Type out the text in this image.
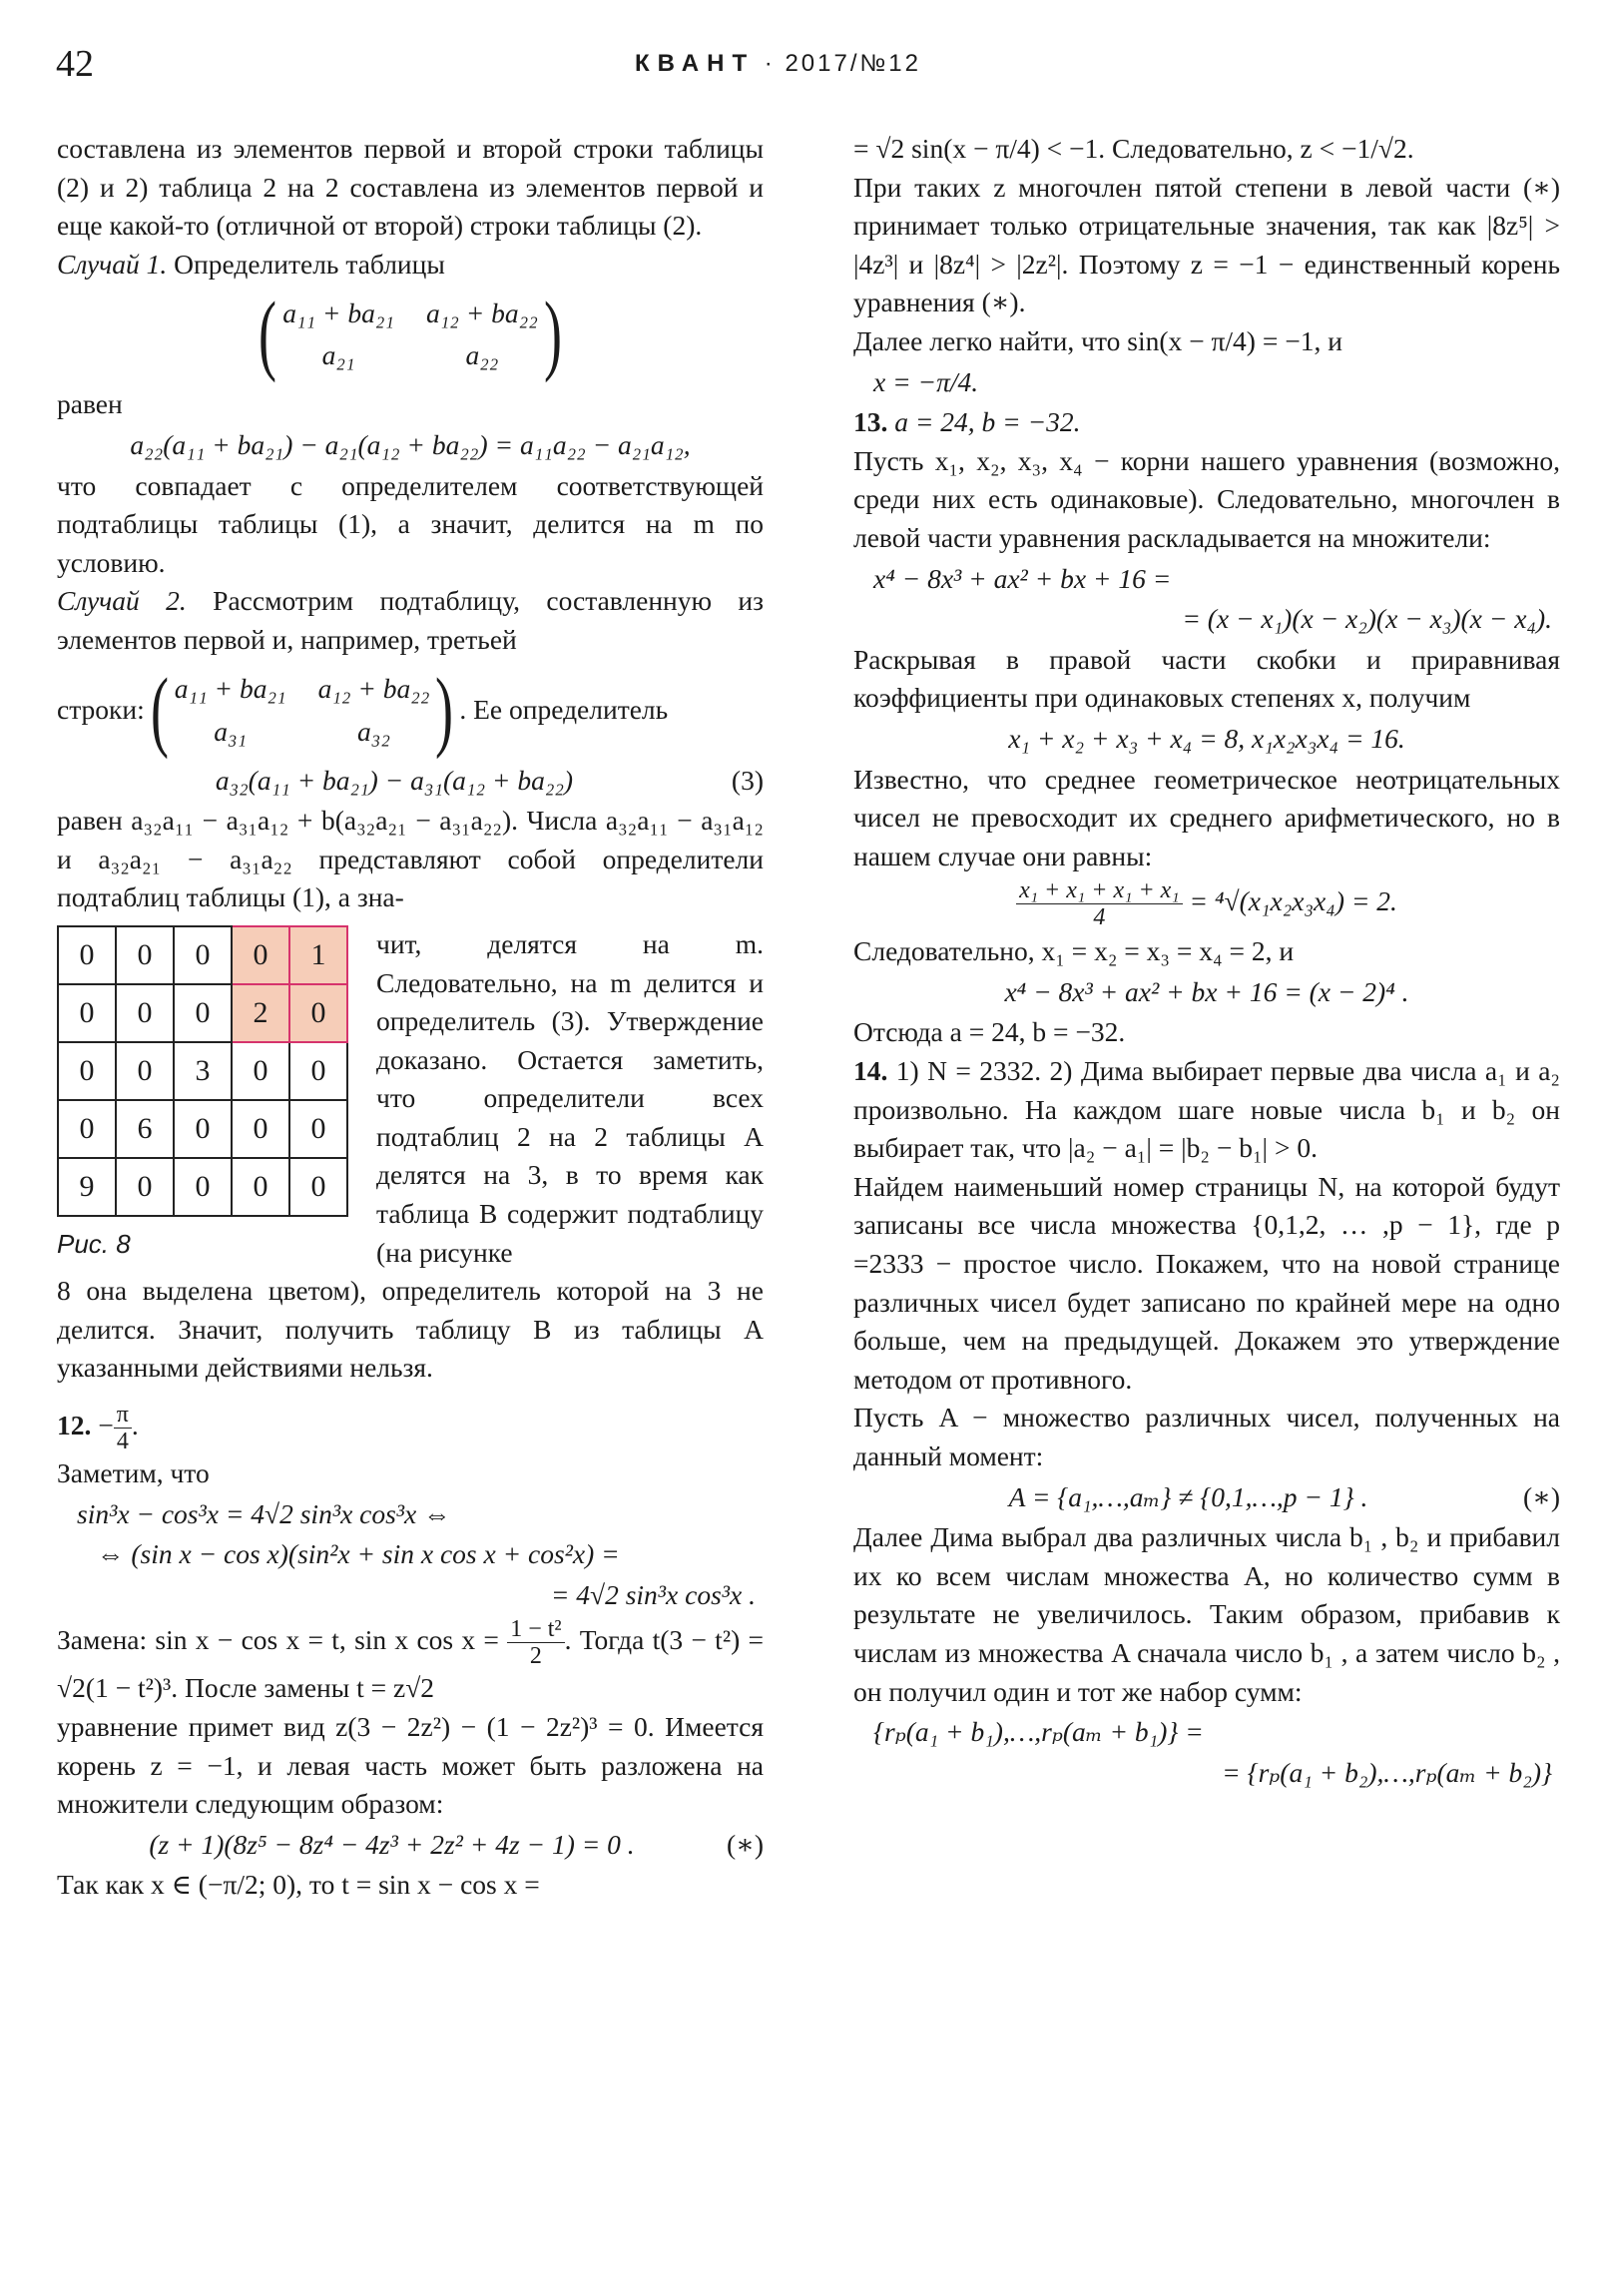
42	КВАНТ · 2017/№12

составлена из элементов первой и второй строки таблицы (2) и 2) таблица 2 на 2 составлена из элементов первой и еще какой-то (отличной от второй) строки таблицы (2).

Случай 1. Определитель таблицы

( a₁₁ + ba₂₁ a₁₂ + ba₂₂
a₂₁	a₂₂ )

равен

a₂₂(a₁₁ + ba₂₁) − a₂₁(a₁₂ + ba₂₂) = a₁₁a₂₂ − a₂₁a₁₂,

что совпадает с определителем соответствующей подтаблицы таблицы (1), а значит, делится на m по условию.

Случай 2. Рассмотрим подтаблицу, составленную из элементов первой и, например, третьей

строки: ( a₁₁ + ba₂₁ a₁₂ + ba₂₂
a₃₁	a₃₂ ) . Ее определитель
a₃₂(a₁₁ + ba₂₁) − a₃₁(a₁₂ + ba₂₂)	(3)

равен a₃₂a₁₁ − a₃₁a₁₂ + b(a₃₂a₂₁ − a₃₁a₂₂). Числа a₃₂a₁₁ − a₃₁a₁₂ и a₃₂a₂₁ − a₃₁a₂₂ представляют собой определители подтаблиц таблицы (1), а зна-

0	0	0	0	1
0	0	0	2	0
0	0	3	0	0
0	6	0	0	0
9	0	0	0	0
Рис. 8
чит, делятся на m. Следовательно, на m делится и определитель (3). Утверждение доказано. Остается заметить, что определители всех подтаблиц 2 на 2 таблицы A делятся на 3, в то время как таблица B содержит подтаблицу (на рисунке

8 она выделена цветом), определитель которой на 3 не делится. Значит, получить таблицу B из таблицы A указанными действиями нельзя.

12. − $\frac{\pi}{4}$ .

Заметим, что

sin³x − cos³x = 4√2 sin³x cos³x ⇔
⇔ (sin x − cos x)(sin²x + sin x cos x + cos²x) =
= 4√2 sin³x cos³x .

Замена: sin x − cos x = t, sin x $\cos x = \frac{\text{1 − t²}}{2}$ . Тогда t(3 − t²) = √2(1 − t²)³. После замены t = z√2

уравнение примет вид z(3 − 2z²) − (1 − 2z²)³ = 0. Имеется корень z = −1, и левая часть может быть разложена на множители следующим образом:

(z + 1)(8z⁵ − 8z⁴ − 4z³ + 2z² + 4z − 1) = 0 .	(∗)

Так как x ∈ (−π/2; 0), то t = sin x − cos x =

= √2 sin(x − π/4) < −1. Следовательно, z < −1/√2.

При таких z многочлен пятой степени в левой части (∗) принимает только отрицательные значения, так как |8z⁵| > |4z³| и |8z⁴| > |2z²|. Поэтому z = −1 − единственный корень уравнения (∗).

Далее легко найти, что sin(x − π/4) = −1, и

x = −π/4.

13. a = 24, b = −32.

Пусть x₁, x₂, x₃, x₄ − корни нашего уравнения (возможно, среди них есть одинаковые). Следовательно, многочлен в левой части уравнения раскладывается на множители:

x⁴ − 8x³ + ax² + bx + 16 =
= (x − x₁)(x − x₂)(x − x₃)(x − x₄).

Раскрывая в правой части скобки и приравнивая коэффициенты при одинаковых степенях x, получим

x₁ + x₂ + x₃ + x₄ = 8, x₁x₂x₃x₄ = 16.

Известно, что среднее геометрическое неотрицательных чисел не превосходит их среднего арифметического, но в нашем случае они равны:

$\frac{\text{x₁ + x₁ + x₁ + x₁}}{4} = ^4√(x_1x_2x_3x_4) = 2$.

Следовательно, x₁ = x₂ = x₃ = x₄ = 2, и

x⁴ − 8x³ + ax² + bx + 16 = (x − 2)⁴ .

Отсюда a = 24, b = −32.

14. 1) N = 2332. 2) Дима выбирает первые два числа a₁ и a₂ произвольно. На каждом шаге новые числа b₁ и b₂ он выбирает так, что |a₂ − a₁| = |b₂ − b₁| > 0.

Найдем наименьший номер страницы N, на которой будут записаны все числа множества {0,1,2, … ,p − 1}, где p =2333 − простое число. Покажем, что на новой странице различных чисел будет записано по крайней мере на одно больше, чем на предыдущей. Докажем это утверждение методом от противного.

Пусть A − множество различных чисел, полученных на данный момент:

A = {a₁,…,aₘ} ≠ {0,1,…,p − 1} .	(∗)

Далее Дима выбрал два различных числа b₁ , b₂ и прибавил их ко всем числам множества A, но количество сумм в результате не увеличилось. Таким образом, прибавив к числам из множества A сначала число b₁ , а затем число b₂ , он получил один и тот же набор сумм:

{rₚ(a₁ + b₁),…,rₚ(aₘ + b₁)} =
= {rₚ(a₁ + b₂),…,rₚ(aₘ + b₂)}
